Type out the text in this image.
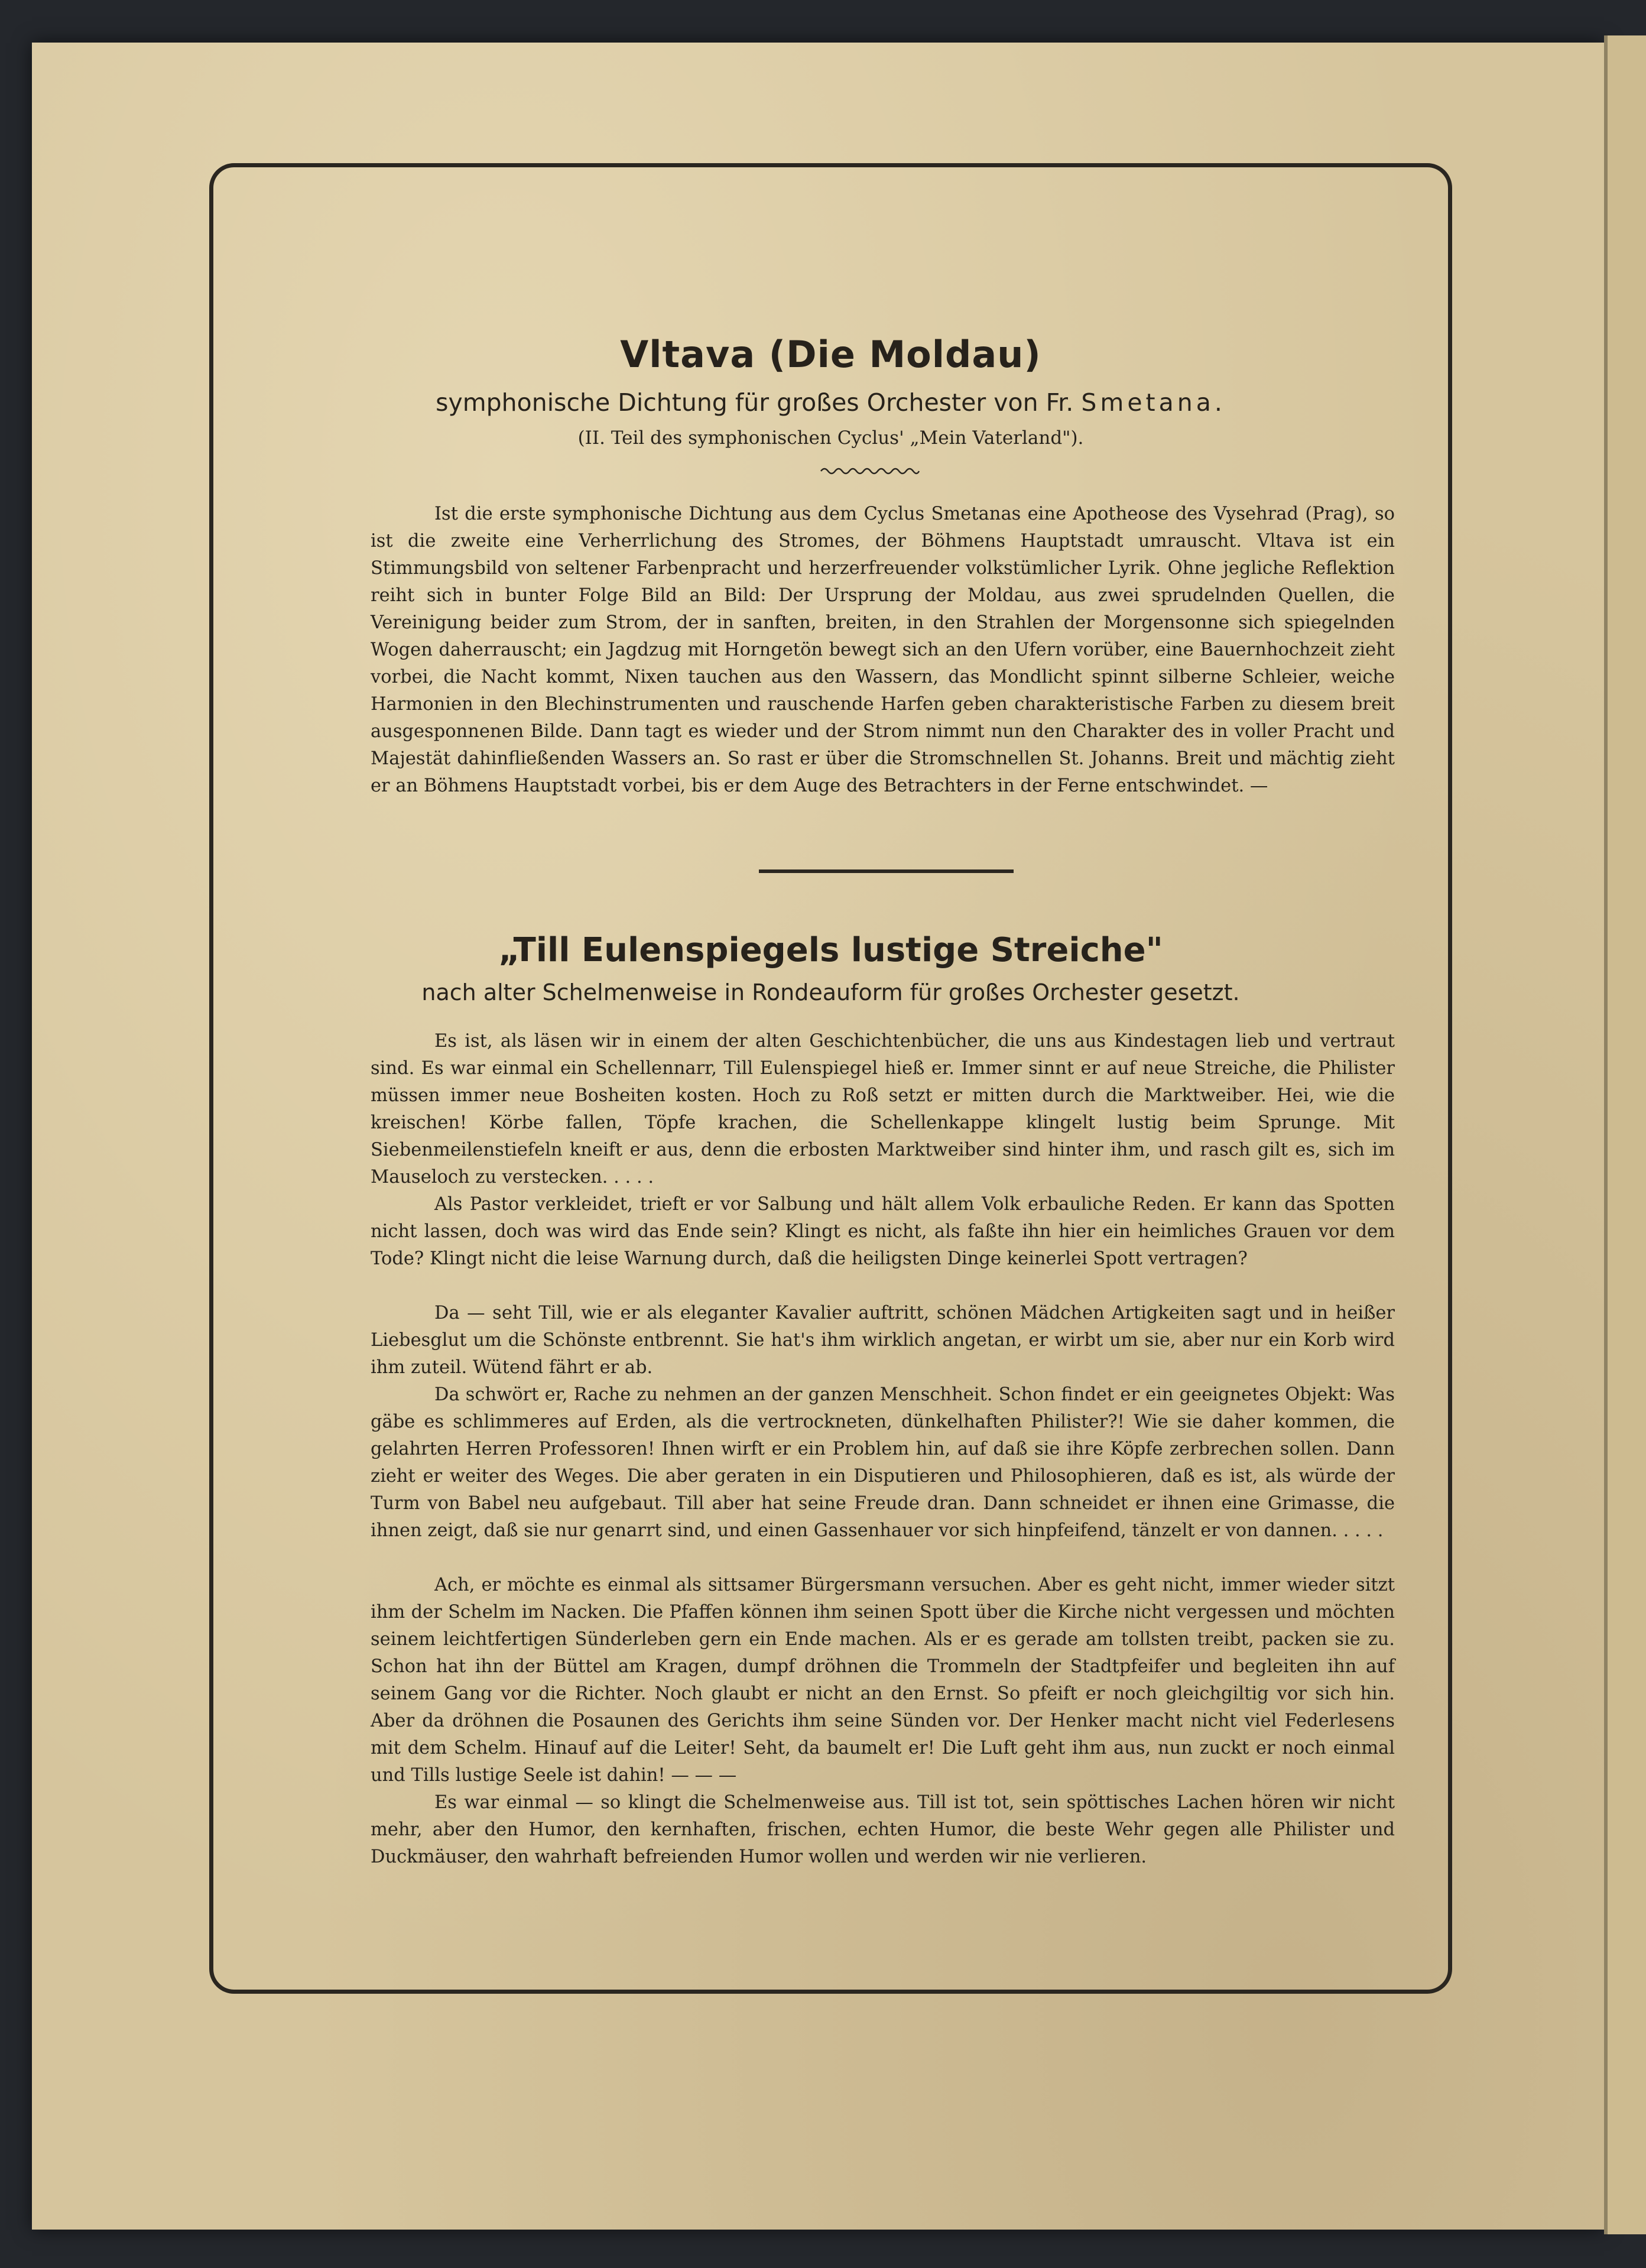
Vltava (Die Moldau)
symphonische Dichtung für großes Orchester von Fr. Smetana.
(II. Teil des symphonischen Cyclus' „Mein Vaterland").

Ist die erste symphonische Dichtung aus dem Cyclus Smetanas eine Apotheose des Vysehrad (Prag), so ist die zweite eine Verherrlichung des Stromes, der Böhmens Hauptstadt umrauscht. Vltava ist ein Stimmungsbild von seltener Farbenpracht und herzerfreuender volkstümlicher Lyrik. Ohne jegliche Reflektion reiht sich in bunter Folge Bild an Bild: Der Ursprung der Moldau, aus zwei sprudelnden Quellen, die Vereinigung beider zum Strom, der in sanften, breiten, in den Strahlen der Morgensonne sich spiegelnden Wogen daherrauscht; ein Jagdzug mit Horngetön bewegt sich an den Ufern vorüber, eine Bauernhochzeit zieht vorbei, die Nacht kommt, Nixen tauchen aus den Wassern, das Mondlicht spinnt silberne Schleier, weiche Harmonien in den Blechinstrumenten und rauschende Harfen geben charakteristische Farben zu diesem breit ausgesponnenen Bilde. Dann tagt es wieder und der Strom nimmt nun den Charakter des in voller Pracht und Majestät dahinfließenden Wassers an. So rast er über die Stromschnellen St. Johanns. Breit und mächtig zieht er an Böhmens Hauptstadt vorbei, bis er dem Auge des Betrachters in der Ferne entschwindet. —

„Till Eulenspiegels lustige Streiche"
nach alter Schelmenweise in Rondeauform für großes Orchester gesetzt.

Es ist, als läsen wir in einem der alten Geschichtenbücher, die uns aus Kindestagen lieb und vertraut sind. Es war einmal ein Schellennarr, Till Eulenspiegel hieß er. Immer sinnt er auf neue Streiche, die Philister müssen immer neue Bosheiten kosten. Hoch zu Roß setzt er mitten durch die Marktweiber. Hei, wie die kreischen! Körbe fallen, Töpfe krachen, die Schellenkappe klingelt lustig beim Sprunge. Mit Siebenmeilenstiefeln kneift er aus, denn die erbosten Marktweiber sind hinter ihm, und rasch gilt es, sich im Mauseloch zu verstecken. . . . .

Als Pastor verkleidet, trieft er vor Salbung und hält allem Volk erbauliche Reden. Er kann das Spotten nicht lassen, doch was wird das Ende sein? Klingt es nicht, als faßte ihn hier ein heimliches Grauen vor dem Tode? Klingt nicht die leise Warnung durch, daß die heiligsten Dinge keinerlei Spott vertragen?

Da — seht Till, wie er als eleganter Kavalier auftritt, schönen Mädchen Artigkeiten sagt und in heißer Liebesglut um die Schönste entbrennt. Sie hat's ihm wirklich angetan, er wirbt um sie, aber nur ein Korb wird ihm zuteil. Wütend fährt er ab.

Da schwört er, Rache zu nehmen an der ganzen Menschheit. Schon findet er ein geeignetes Objekt: Was gäbe es schlimmeres auf Erden, als die vertrockneten, dünkelhaften Philister?! Wie sie daher kommen, die gelahrten Herren Professoren! Ihnen wirft er ein Problem hin, auf daß sie ihre Köpfe zerbrechen sollen. Dann zieht er weiter des Weges. Die aber geraten in ein Disputieren und Philosophieren, daß es ist, als würde der Turm von Babel neu aufgebaut. Till aber hat seine Freude dran. Dann schneidet er ihnen eine Grimasse, die ihnen zeigt, daß sie nur genarrt sind, und einen Gassenhauer vor sich hinpfeifend, tänzelt er von dannen. . . . .

Ach, er möchte es einmal als sittsamer Bürgersmann versuchen. Aber es geht nicht, immer wieder sitzt ihm der Schelm im Nacken. Die Pfaffen können ihm seinen Spott über die Kirche nicht vergessen und möchten seinem leichtfertigen Sünderleben gern ein Ende machen. Als er es gerade am tollsten treibt, packen sie zu. Schon hat ihn der Büttel am Kragen, dumpf dröhnen die Trommeln der Stadtpfeifer und begleiten ihn auf seinem Gang vor die Richter. Noch glaubt er nicht an den Ernst. So pfeift er noch gleichgiltig vor sich hin. Aber da dröhnen die Posaunen des Gerichts ihm seine Sünden vor. Der Henker macht nicht viel Federlesens mit dem Schelm. Hinauf auf die Leiter! Seht, da baumelt er! Die Luft geht ihm aus, nun zuckt er noch einmal und Tills lustige Seele ist dahin! — — —

Es war einmal — so klingt die Schelmenweise aus. Till ist tot, sein spöttisches Lachen hören wir nicht mehr, aber den Humor, den kernhaften, frischen, echten Humor, die beste Wehr gegen alle Philister und Duckmäuser, den wahrhaft befreienden Humor wollen und werden wir nie verlieren.
